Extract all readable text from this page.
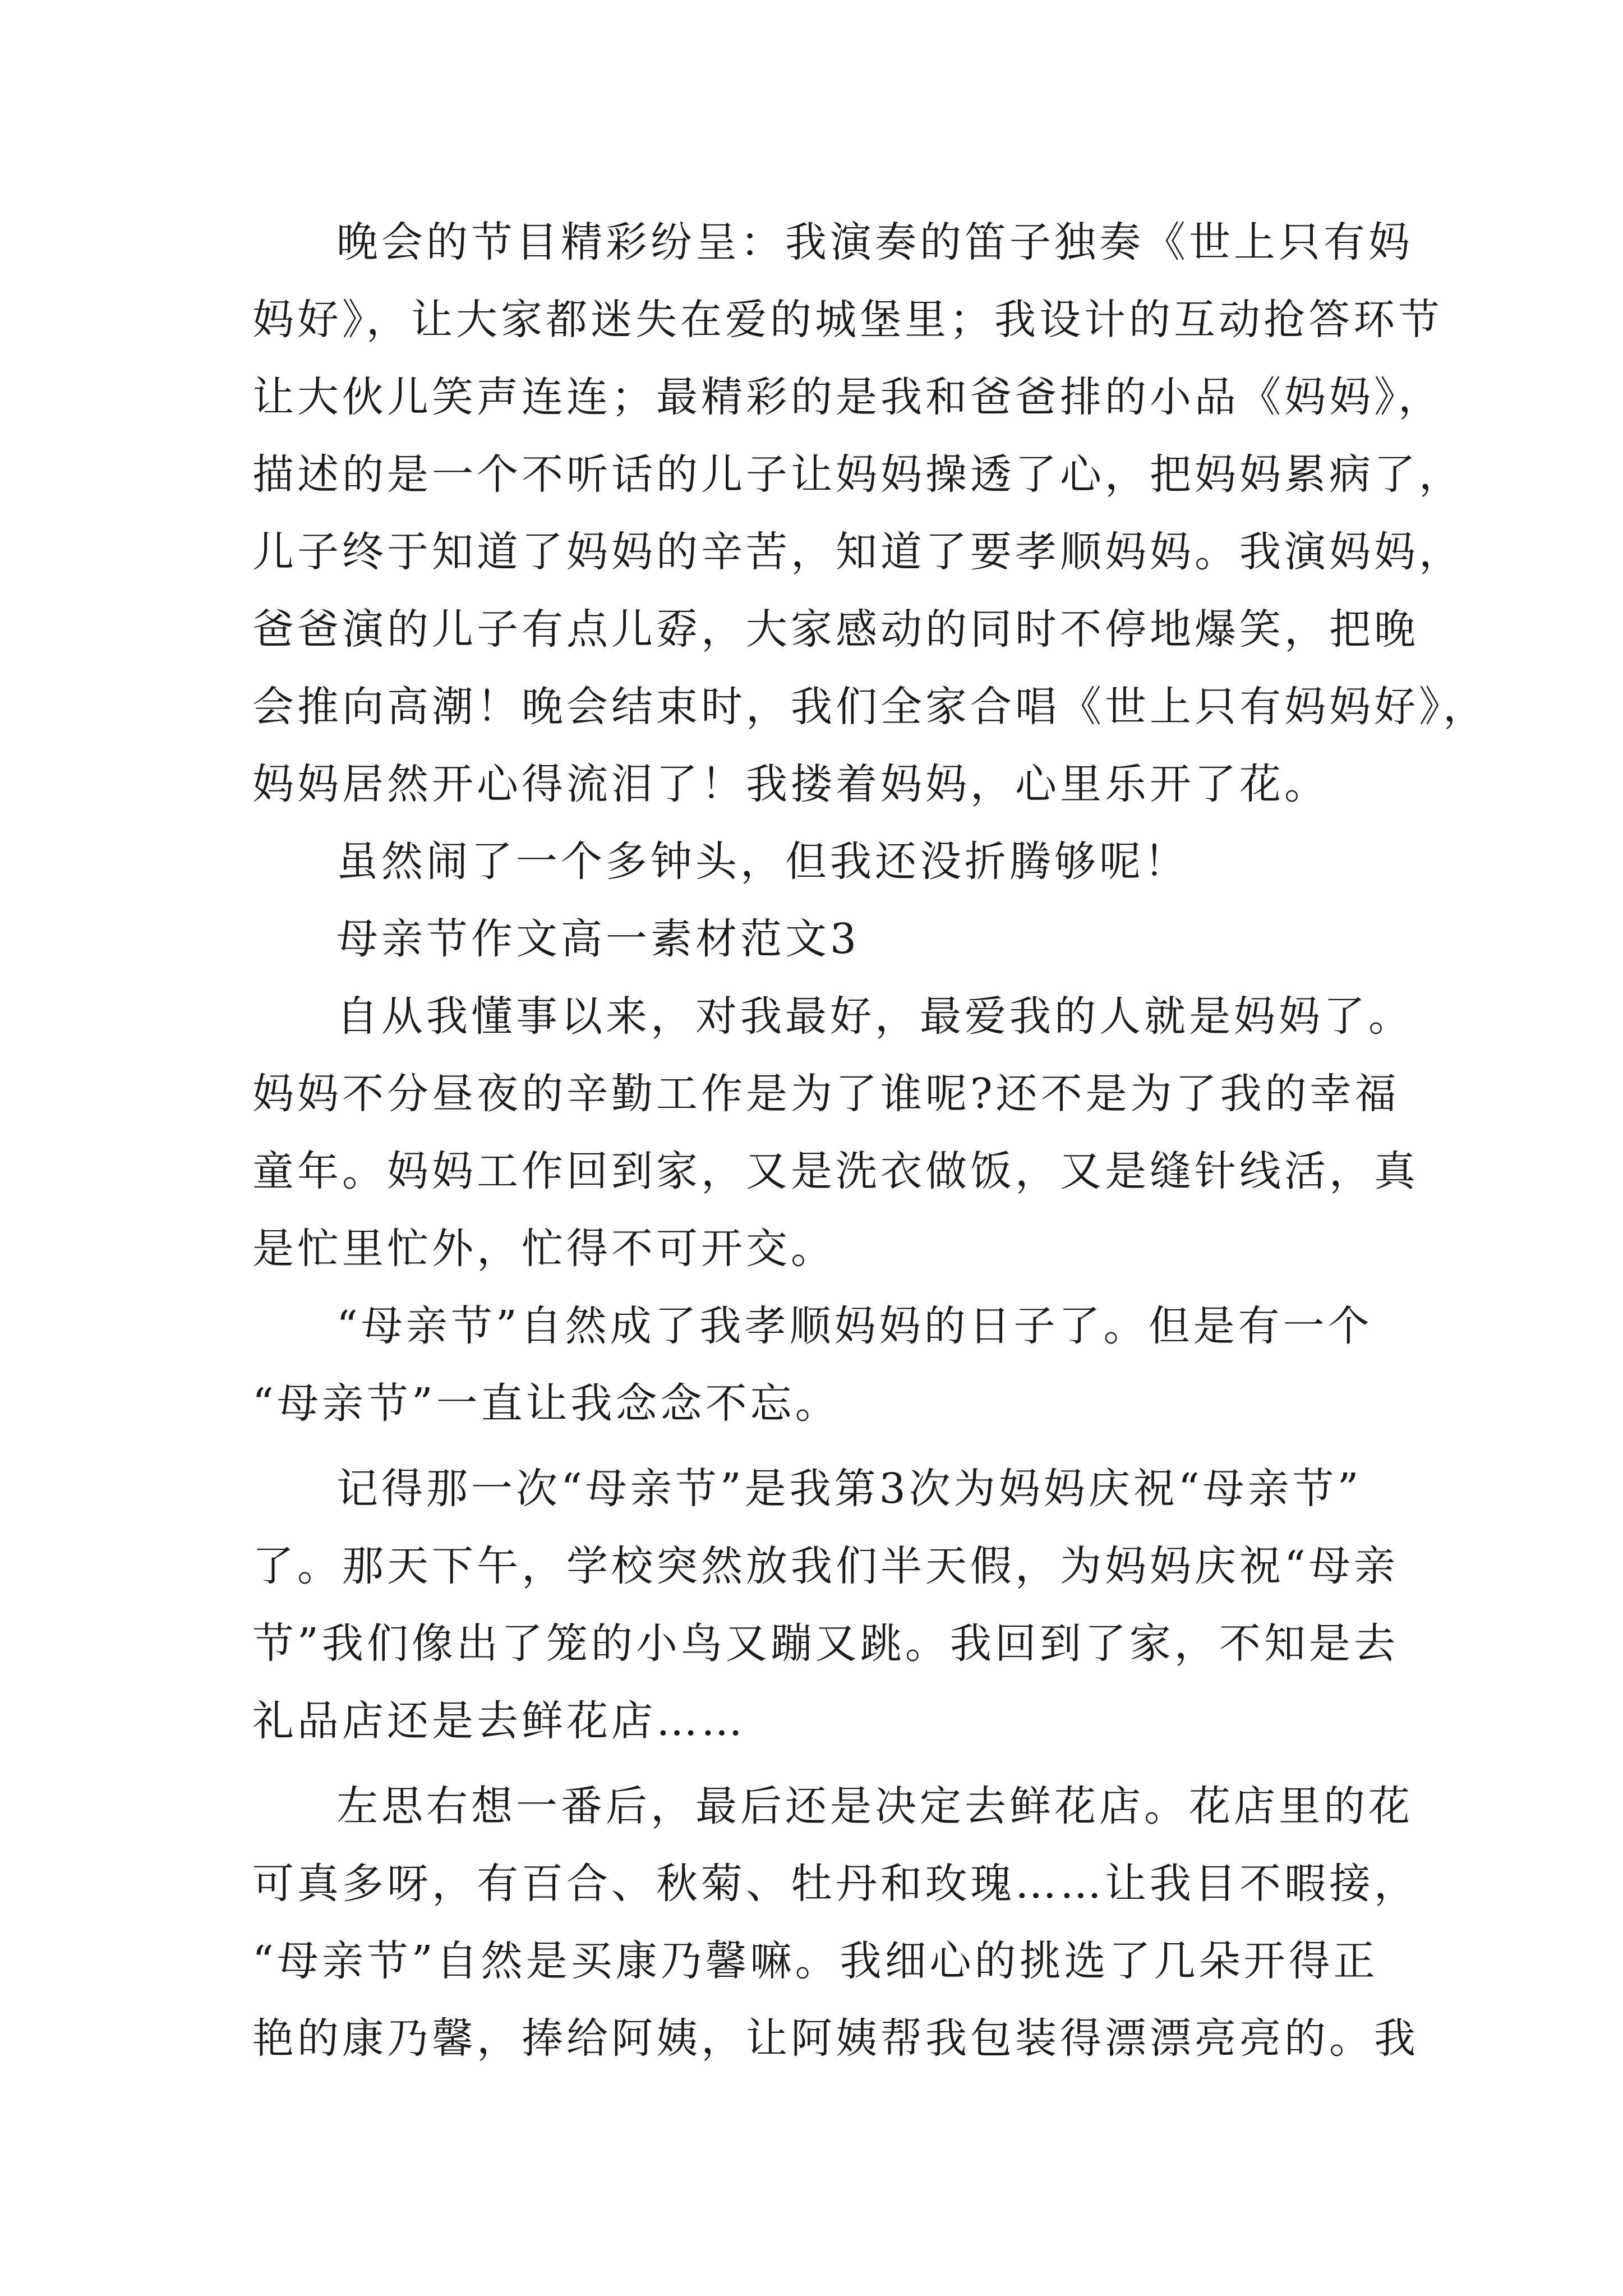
晚会的节目精彩纷呈：我演奏的笛子独奏《世上只有妈
妈好》，让大家都迷失在爱的城堡里；我设计的互动抢答环节
让大伙儿笑声连连；最精彩的是我和爸爸排的小品《妈妈》，
描述的是一个不听话的儿子让妈妈操透了心，把妈妈累病了，
儿子终于知道了妈妈的辛苦，知道了要孝顺妈妈。我演妈妈，
爸爸演的儿子有点儿孬，大家感动的同时不停地爆笑，把晚
会推向高潮！晚会结束时，我们全家合唱《世上只有妈妈好》，
妈妈居然开心得流泪了！我搂着妈妈，心里乐开了花。
虽然闹了一个多钟头，但我还没折腾够呢！
母亲节作文高一素材范文3
自从我懂事以来，对我最好，最爱我的人就是妈妈了。
妈妈不分昼夜的辛勤工作是为了谁呢?还不是为了我的幸福
童年。妈妈工作回到家，又是洗衣做饭，又是缝针线活，真
是忙里忙外，忙得不可开交。
“母亲节”自然成了我孝顺妈妈的日子了。但是有一个
“母亲节”一直让我念念不忘。
记得那一次“母亲节”是我第3次为妈妈庆祝“母亲节”
了。那天下午，学校突然放我们半天假，为妈妈庆祝“母亲
节”我们像出了笼的小鸟又蹦又跳。我回到了家，不知是去
礼品店还是去鲜花店……
左思右想一番后，最后还是决定去鲜花店。花店里的花
可真多呀，有百合、秋菊、牡丹和玫瑰……让我目不暇接，
“母亲节”自然是买康乃馨嘛。我细心的挑选了几朵开得正
艳的康乃馨，捧给阿姨，让阿姨帮我包装得漂漂亮亮的。我
